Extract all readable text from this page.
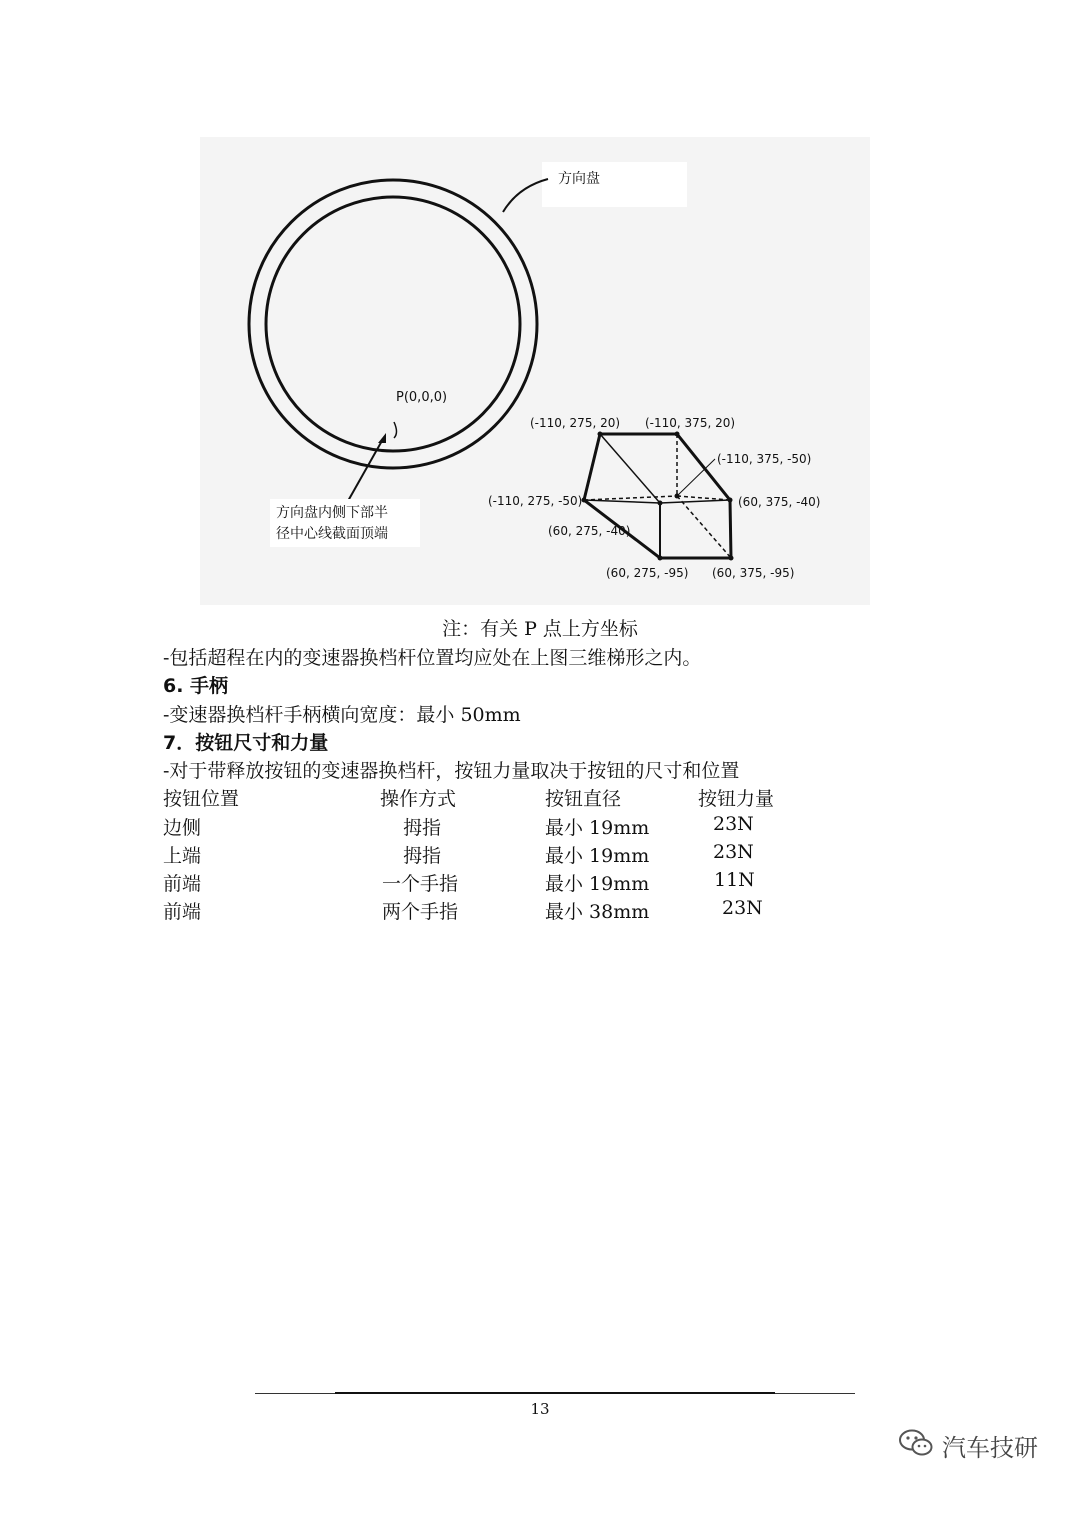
方向盘
P(0,0,0)
方向盘内侧下部半
径中心线截面顶端
(-110, 275, 20) (-110, 375, 20)
(-110, 375, -50)
(-110, 275, -50)	(60, 375, -40)
(60, 275, -40)
(60, 275, -95) (60, 375, -95)
注：有关 P 点上方坐标
-包括超程在内的变速器换档杆位置均应处在上图三维梯形之内。
6. 手柄
-变速器换档杆手柄横向宽度：最小 50mm
7．按钮尺寸和力量
-对于带释放按钮的变速器换档杆，按钮力量取决于按钮的尺寸和位置
按钮位置	操作方式	按钮直径	按钮力量
边侧	拇指	最小 19mm	23N
上端	拇指	最小 19mm	23N
前端	一个手指	最小 19mm	11N
前端	两个手指	最小 38mm	23N
13
汽车技研
